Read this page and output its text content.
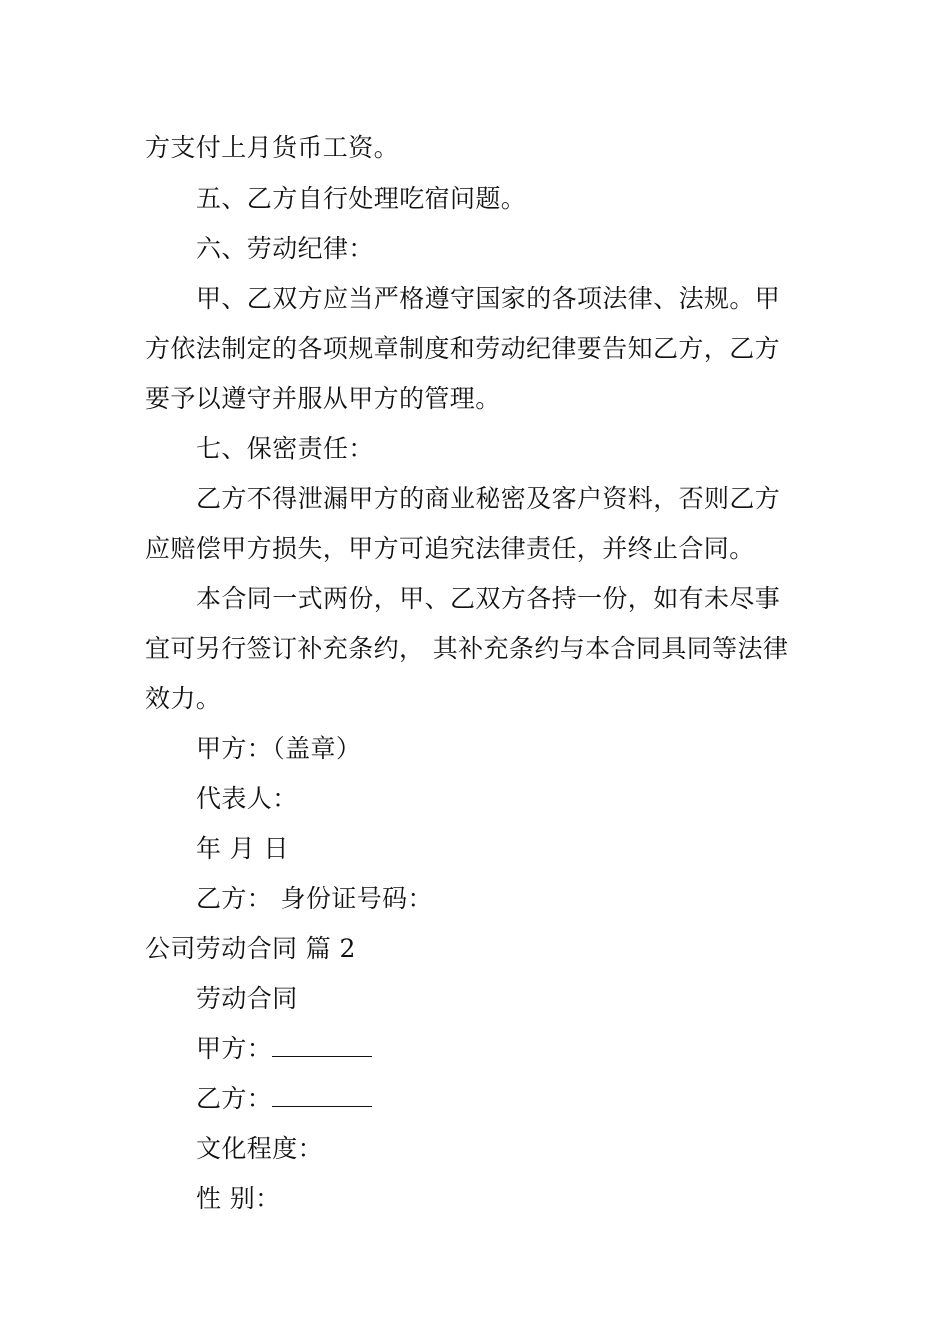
方支付上月货币工资。
五、乙方自行处理吃宿问题。
六、劳动纪律：
甲、乙双方应当严格遵守国家的各项法律、法规。甲
方依法制定的各项规章制度和劳动纪律要告知乙方，乙方
要予以遵守并服从甲方的管理。
七、保密责任：
乙方不得泄漏甲方的商业秘密及客户资料，否则乙方
应赔偿甲方损失，甲方可追究法律责任，并终止合同。
本合同一式两份，甲、乙双方各持一份，如有未尽事
宜可另行签订补充条约， 其补充条约与本合同具同等法律
效力。
甲方：（盖章）
代表人：
年 月 日
乙方： 身份证号码：
公司劳动合同 篇 2
劳动合同
甲方：
乙方：
文化程度：
性 别：
